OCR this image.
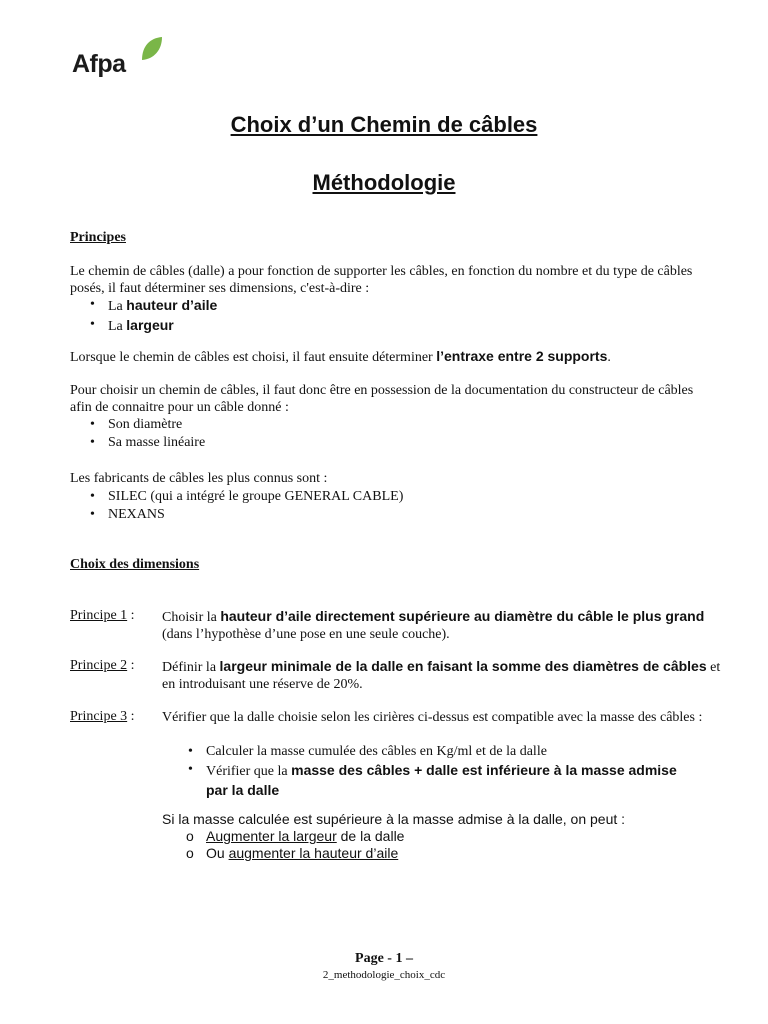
Afpa
Choix d’un Chemin de câbles
Méthodologie
Principes
Le chemin de câbles (dalle) a pour fonction de supporter les câbles, en fonction du nombre et du type de câbles posés, il faut déterminer ses dimensions, c'est-à-dire :
• La hauteur d’aile
• La largeur
Lorsque le chemin de câbles est choisi, il faut ensuite déterminer l’entraxe entre 2 supports.
Pour choisir un chemin de câbles, il faut donc être en possession de la documentation du constructeur de câbles afin de connaitre pour un câble donné :
• Son diamètre
• Sa masse linéaire
Les fabricants de câbles les plus connus sont :
• SILEC (qui a intégré le groupe GENERAL CABLE)
• NEXANS
Choix des dimensions
Principe 1 : Choisir la hauteur d’aile directement supérieure au diamètre du câble le plus grand (dans l’hypothèse d’une pose en une seule couche).
Principe 2 : Définir la largeur minimale de la dalle en faisant la somme des diamètres de câbles et en introduisant une réserve de 20%.
Principe 3 : Vérifier que la dalle choisie selon les cirières ci-dessus est compatible avec la masse des câbles :
• Calculer la masse cumulée des câbles en Kg/ml et de la dalle
• Vérifier que la masse des câbles + dalle est inférieure à la masse admise par la dalle
Si la masse calculée est supérieure à la masse admise à la dalle, on peut :
o Augmenter la largeur de la dalle
o Ou augmenter la hauteur d’aile
Page - 1 –
2_methodologie_choix_cdc
